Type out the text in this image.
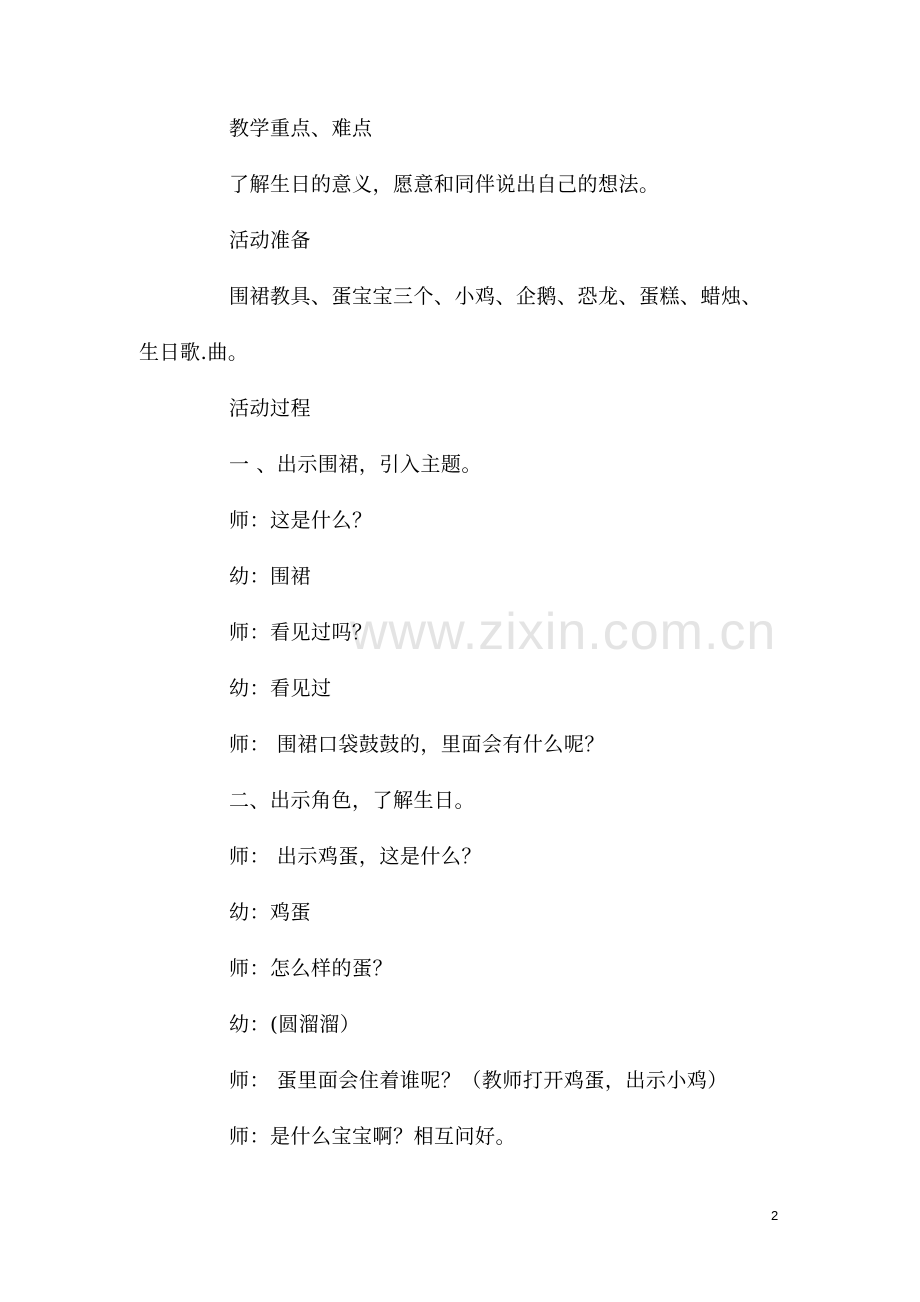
www.zixin.com.cn
教学重点、难点
了解生日的意义，愿意和同伴说出自己的想法。
活动准备
围裙教具、蛋宝宝三个、小鸡、企鹅、恐龙、蛋糕、蜡烛、
生日歌.曲。
活动过程
一 、出示围裙，引入主题。
师：这是什么？
幼：围裙
师：看见过吗？
幼：看见过
师： 围裙口袋鼓鼓的，里面会有什么呢？
二、出示角色，了解生日。
师： 出示鸡蛋，这是什么？
幼：鸡蛋
师：怎么样的蛋？
幼：(圆溜溜）
师： 蛋里面会住着谁呢？（教师打开鸡蛋，出示小鸡）
师：是什么宝宝啊？相互问好。
2
